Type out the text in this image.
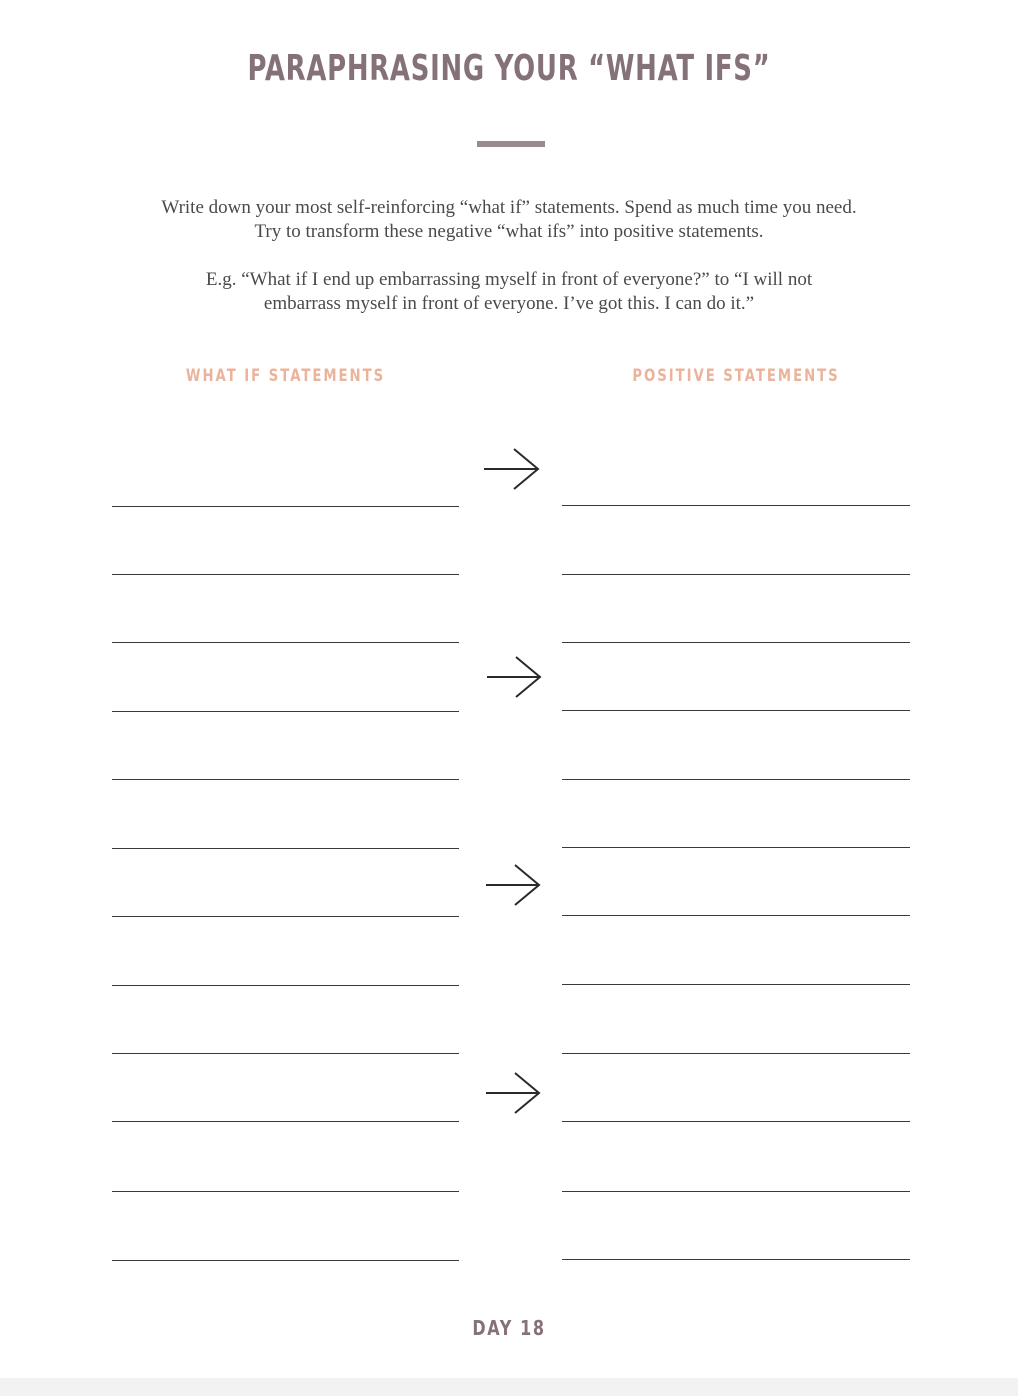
PARAPHRASING YOUR “WHAT IFS”

Write down your most self-reinforcing “what if” statements. Spend as much time you need.

Try to transform these negative “what ifs” into positive statements.

E.g. “What if I end up embarrassing myself in front of everyone?” to “I will not

embarrass myself in front of everyone. I’ve got this. I can do it.”

WHAT IF STATEMENTS	POSITIVE STATEMENTS
DAY 18
